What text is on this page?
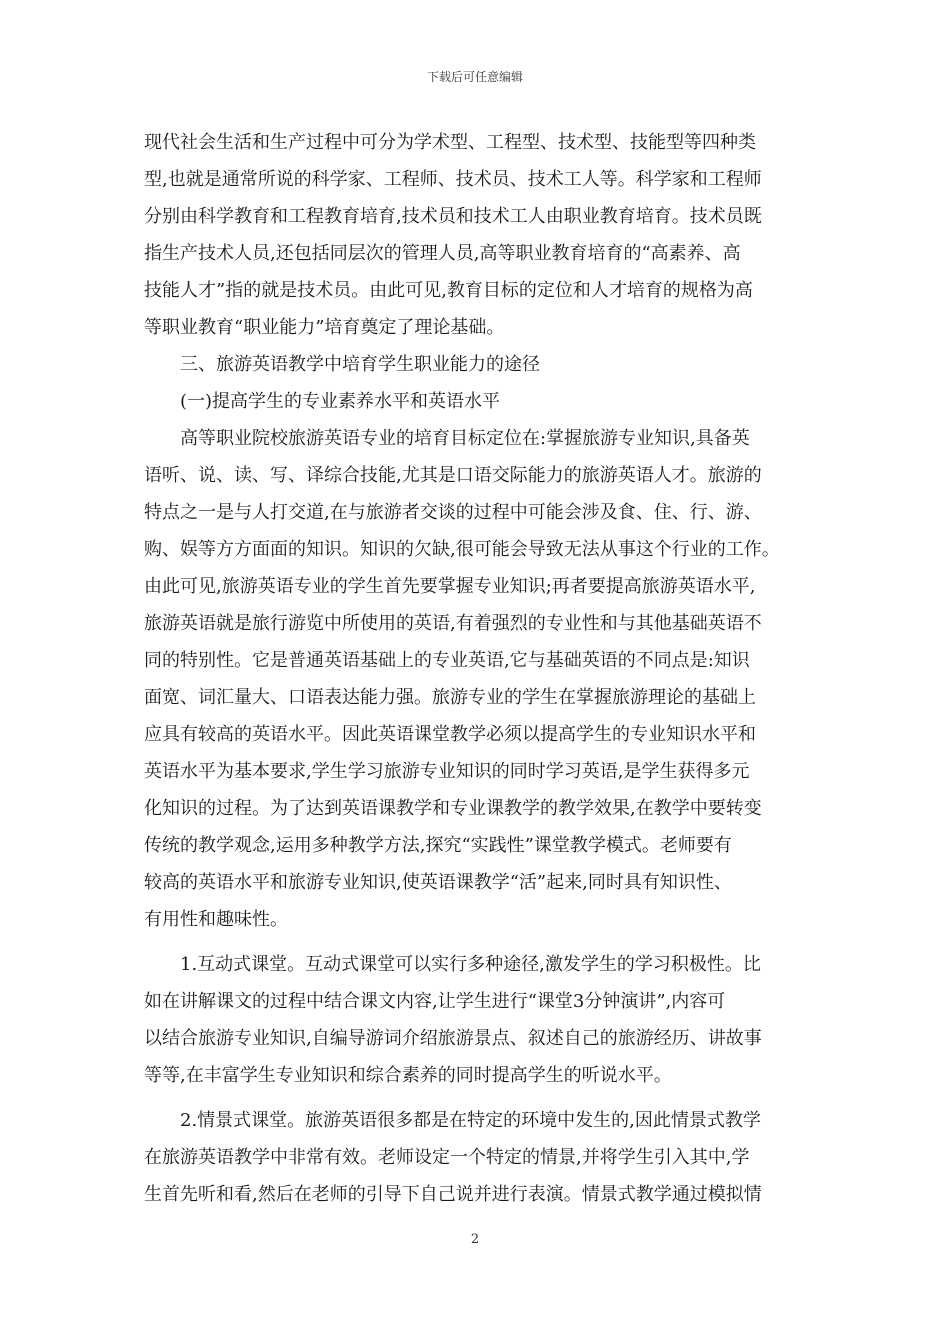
下载后可任意编辑
现代社会生活和生产过程中可分为学术型、工程型、技术型、技能型等四种类
型,也就是通常所说的科学家、工程师、技术员、技术工人等。科学家和工程师
分别由科学教育和工程教育培育,技术员和技术工人由职业教育培育。技术员既
指生产技术人员,还包括同层次的管理人员,高等职业教育培育的“高素养、高
技能人才”指的就是技术员。由此可见,教育目标的定位和人才培育的规格为高
等职业教育“职业能力”培育奠定了理论基础。
　　三、旅游英语教学中培育学生职业能力的途径
　　(一)提高学生的专业素养水平和英语水平
　　高等职业院校旅游英语专业的培育目标定位在:掌握旅游专业知识,具备英
语听、说、读、写、译综合技能,尤其是口语交际能力的旅游英语人才。旅游的
特点之一是与人打交道,在与旅游者交谈的过程中可能会涉及食、住、行、游、
购、娱等方方面面的知识。知识的欠缺,很可能会导致无法从事这个行业的工作。
由此可见,旅游英语专业的学生首先要掌握专业知识;再者要提高旅游英语水平,
旅游英语就是旅行游览中所使用的英语,有着强烈的专业性和与其他基础英语不
同的特别性。它是普通英语基础上的专业英语,它与基础英语的不同点是:知识
面宽、词汇量大、口语表达能力强。旅游专业的学生在掌握旅游理论的基础上
应具有较高的英语水平。因此英语课堂教学必须以提高学生的专业知识水平和
英语水平为基本要求,学生学习旅游专业知识的同时学习英语,是学生获得多元
化知识的过程。为了达到英语课教学和专业课教学的教学效果,在教学中要转变
传统的教学观念,运用多种教学方法,探究“实践性”课堂教学模式。老师要有
较高的英语水平和旅游专业知识,使英语课教学“活”起来,同时具有知识性、
有用性和趣味性。
　　1.互动式课堂。互动式课堂可以实行多种途径,激发学生的学习积极性。比
如在讲解课文的过程中结合课文内容,让学生进行“课堂3分钟演讲”,内容可
以结合旅游专业知识,自编导游词介绍旅游景点、叙述自己的旅游经历、讲故事
等等,在丰富学生专业知识和综合素养的同时提高学生的听说水平。
　　2.情景式课堂。旅游英语很多都是在特定的环境中发生的,因此情景式教学
在旅游英语教学中非常有效。老师设定一个特定的情景,并将学生引入其中,学
生首先听和看,然后在老师的引导下自己说并进行表演。情景式教学通过模拟情
2
